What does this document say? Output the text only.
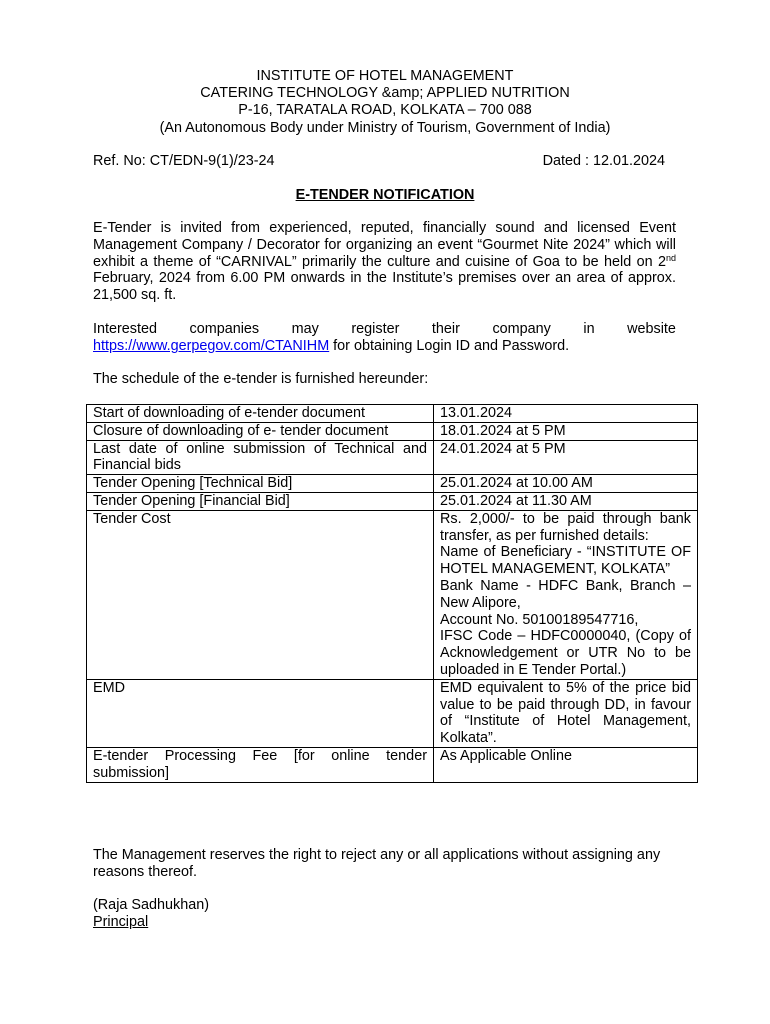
INSTITUTE OF HOTEL MANAGEMENT
CATERING TECHNOLOGY &amp; APPLIED NUTRITION
P-16, TARATALA ROAD, KOLKATA – 700 088
(An Autonomous Body under Ministry of Tourism, Government of India)
Ref. No: CT/EDN-9(1)/23-24	Dated : 12.01.2024
E-TENDER NOTIFICATION
E-Tender is invited from experienced, reputed, financially sound and licensed Event Management Company / Decorator for organizing an event “Gourmet Nite 2024” which will exhibit a theme of “CARNIVAL” primarily the culture and cuisine of Goa to be held on 2nd February, 2024 from 6.00 PM onwards in the Institute’s premises over an area of approx. 21,500 sq. ft.
Interested companies may register their company in website
https://www.gerpegov.com/CTANIHM for obtaining Login ID and Password.
The schedule of the e-tender is furnished hereunder:
Start of downloading of e-tender document	13.01.2024
Closure of downloading of e- tender document	18.01.2024 at 5 PM
Last date of online submission of Technical and Financial bids	24.01.2024 at 5 PM
Tender Opening [Technical Bid]	25.01.2024 at 10.00 AM
Tender Opening [Financial Bid]	25.01.2024 at 11.30 AM
Tender Cost	Rs. 2,000/- to be paid through bank transfer, as per furnished details:
Name of Beneficiary - “INSTITUTE OF HOTEL MANAGEMENT, KOLKATA”
Bank Name - HDFC Bank, Branch – New Alipore,
Account No. 50100189547716,
IFSC Code – HDFC0000040, (Copy of Acknowledgement or UTR No to be uploaded in E Tender Portal.)

EMD	EMD equivalent to 5% of the price bid value to be paid through DD, in favour of “Institute of Hotel Management, Kolkata”.
E-tender Processing Fee [for online tender submission]	As Applicable Online
The Management reserves the right to reject any or all applications without assigning any reasons thereof.
(Raja Sadhukhan)
Principal
